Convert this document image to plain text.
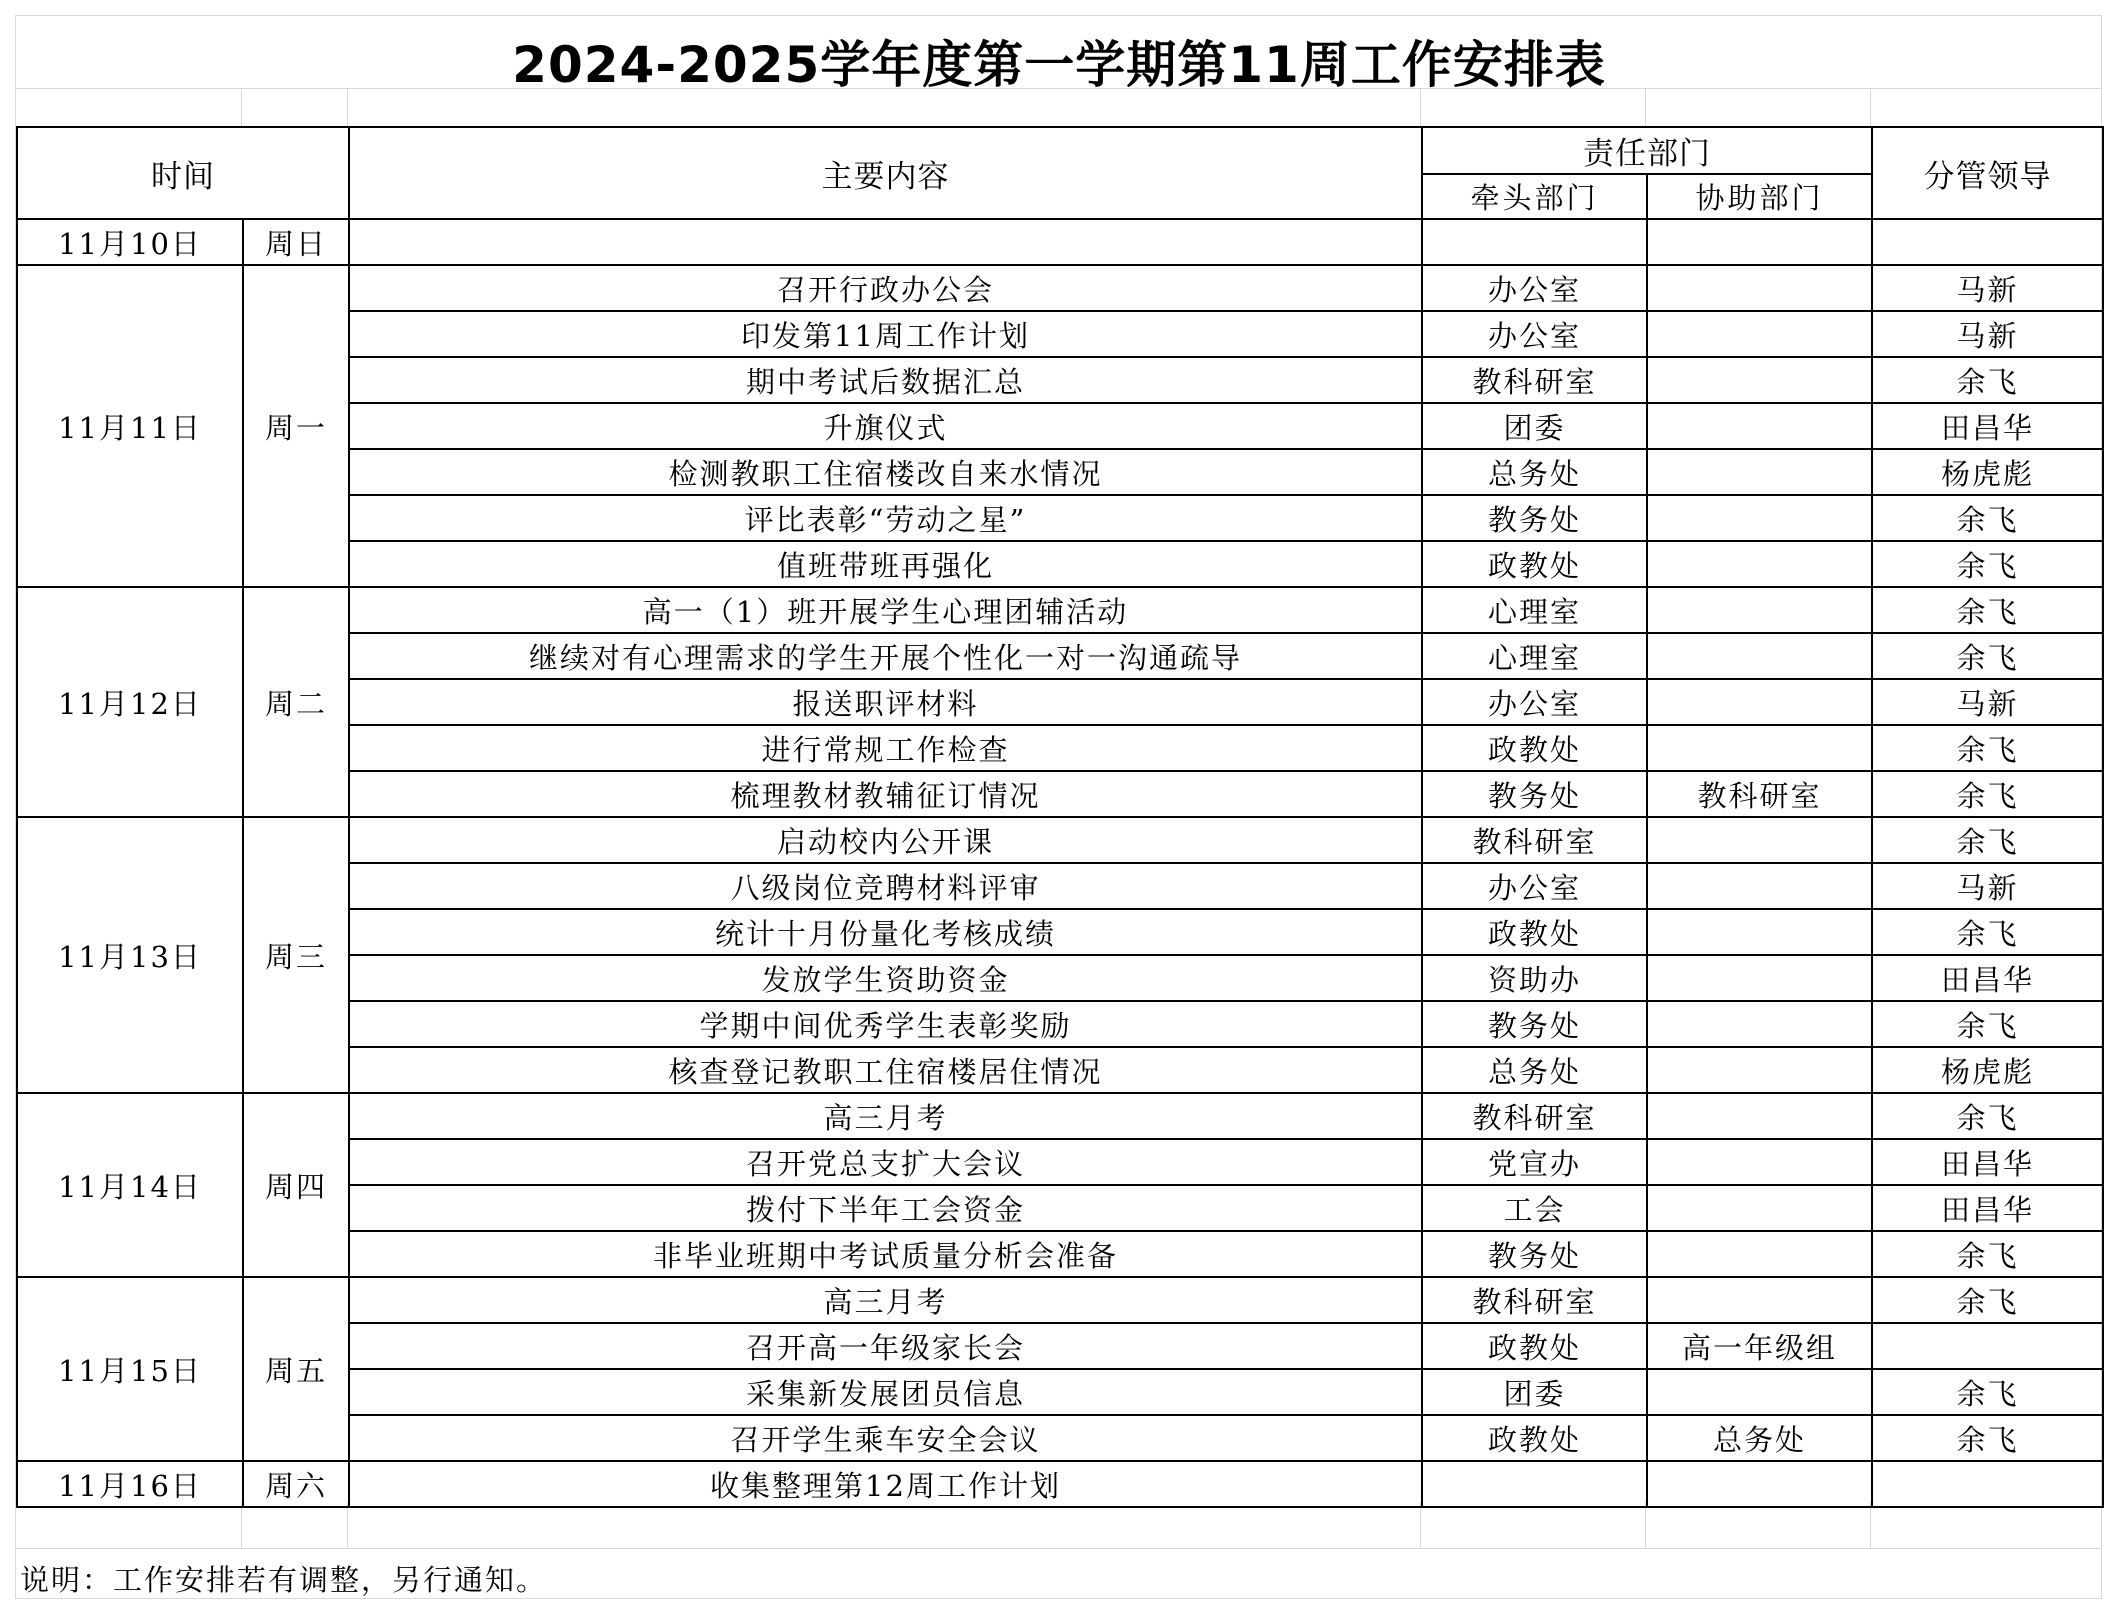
2024-2025学年度第一学期第11周工作安排表
时间		主要内容	责任部门		分管领导
			牵头部门	协助部门	
11月10日	周日				
11月11日	周一	召开行政办公会	办公室		马新
		印发第11周工作计划	办公室		马新
		期中考试后数据汇总	教科研室		余飞
		升旗仪式	团委		田昌华
		检测教职工住宿楼改自来水情况	总务处		杨虎彪
		评比表彰“劳动之星”	教务处		余飞
		值班带班再强化	政教处		余飞
11月12日	周二	高一（1）班开展学生心理团辅活动	心理室		余飞
		继续对有心理需求的学生开展个性化一对一沟通疏导	心理室		余飞
		报送职评材料	办公室		马新
		进行常规工作检查	政教处		余飞
		梳理教材教辅征订情况	教务处	教科研室	余飞
11月13日	周三	启动校内公开课	教科研室		余飞
		八级岗位竞聘材料评审	办公室		马新
		统计十月份量化考核成绩	政教处		余飞
		发放学生资助资金	资助办		田昌华
		学期中间优秀学生表彰奖励	教务处		余飞
		核查登记教职工住宿楼居住情况	总务处		杨虎彪
11月14日	周四	高三月考	教科研室		余飞
		召开党总支扩大会议	党宣办		田昌华
		拨付下半年工会资金	工会		田昌华
		非毕业班期中考试质量分析会准备	教务处		余飞
11月15日	周五	高三月考	教科研室		余飞
		召开高一年级家长会	政教处	高一年级组	
		采集新发展团员信息	团委		余飞
		召开学生乘车安全会议	政教处	总务处	余飞
11月16日	周六	收集整理第12周工作计划			
说明：工作安排若有调整，另行通知。
